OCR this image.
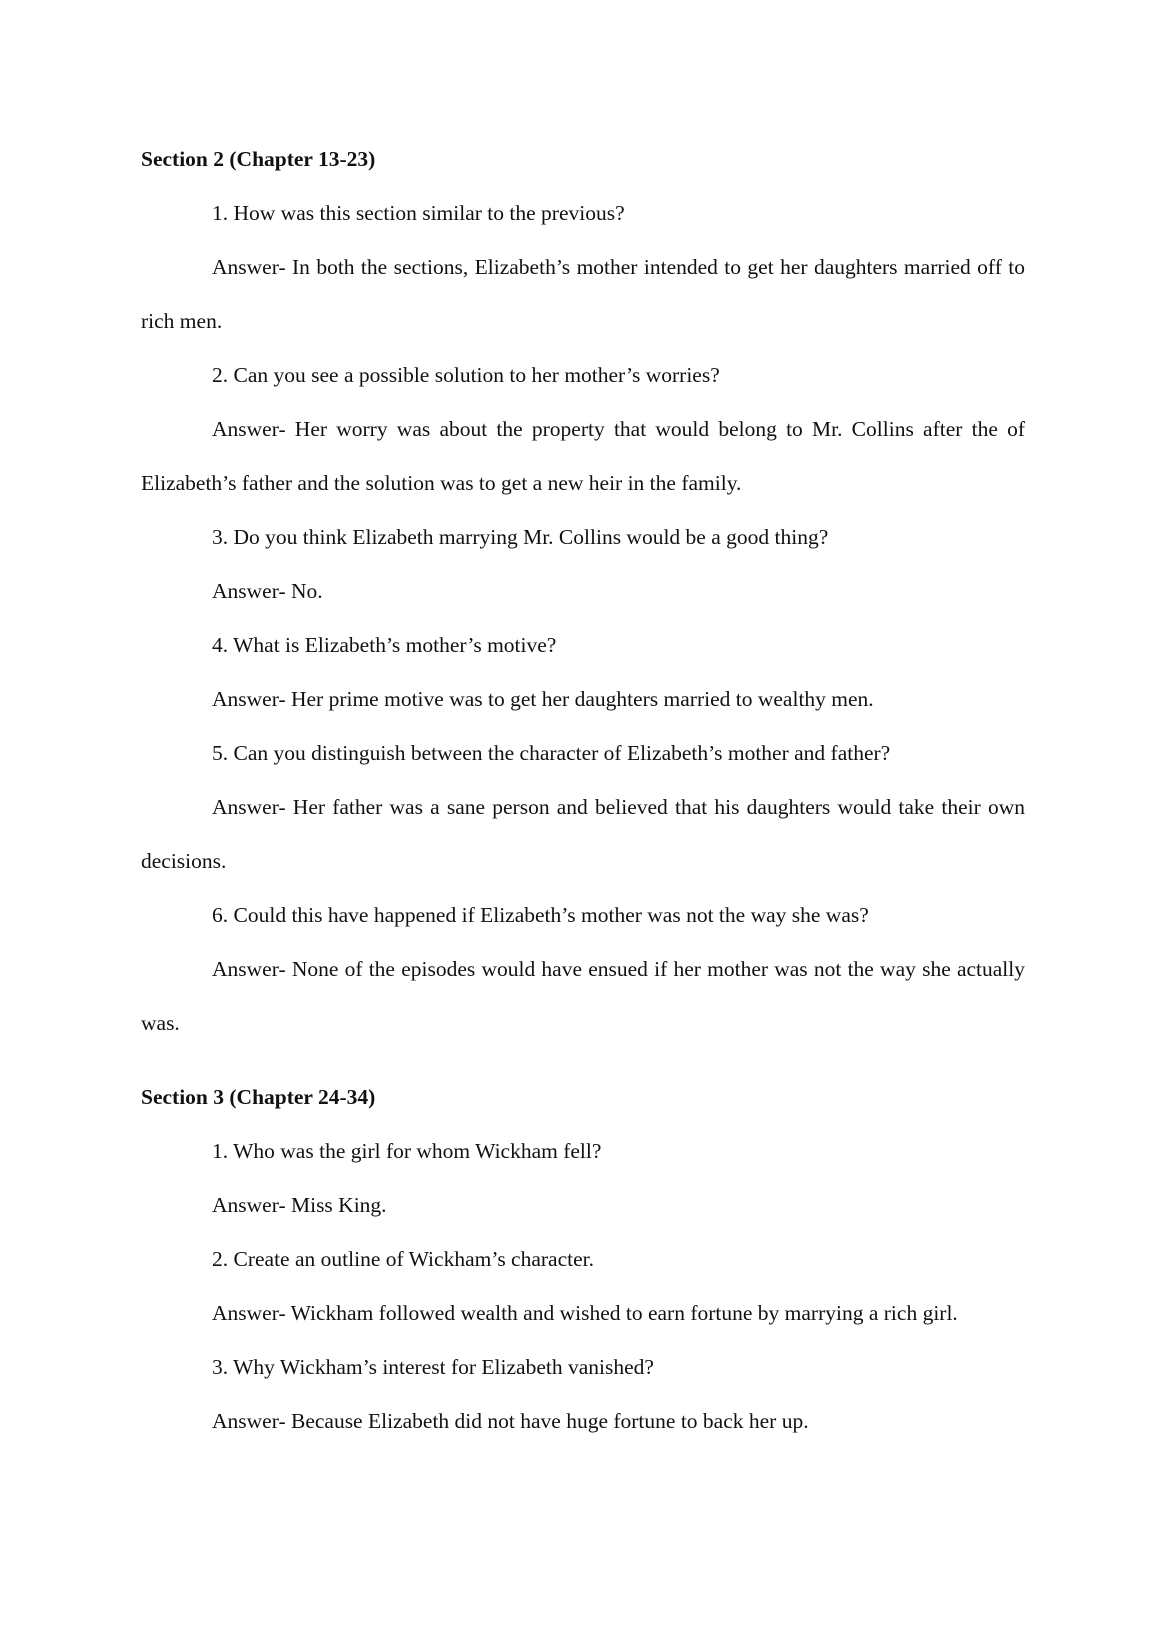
Section 2 (Chapter 13-23)

1. How was this section similar to the previous?

Answer- In both the sections, Elizabeth’s mother intended to get her daughters married off to rich men.

2. Can you see a possible solution to her mother’s worries?

Answer- Her worry was about the property that would belong to Mr. Collins after the of Elizabeth’s father and the solution was to get a new heir in the family.

3. Do you think Elizabeth marrying Mr. Collins would be a good thing?

Answer- No.

4. What is Elizabeth’s mother’s motive?

Answer- Her prime motive was to get her daughters married to wealthy men.

5. Can you distinguish between the character of Elizabeth’s mother and father?

Answer- Her father was a sane person and believed that his daughters would take their own decisions.

6. Could this have happened if Elizabeth’s mother was not the way she was?

Answer- None of the episodes would have ensued if her mother was not the way she actually was.

Section 3 (Chapter 24-34)

1. Who was the girl for whom Wickham fell?

Answer- Miss King.

2. Create an outline of Wickham’s character.

Answer- Wickham followed wealth and wished to earn fortune by marrying a rich girl.

3. Why Wickham’s interest for Elizabeth vanished?

Answer- Because Elizabeth did not have huge fortune to back her up.
